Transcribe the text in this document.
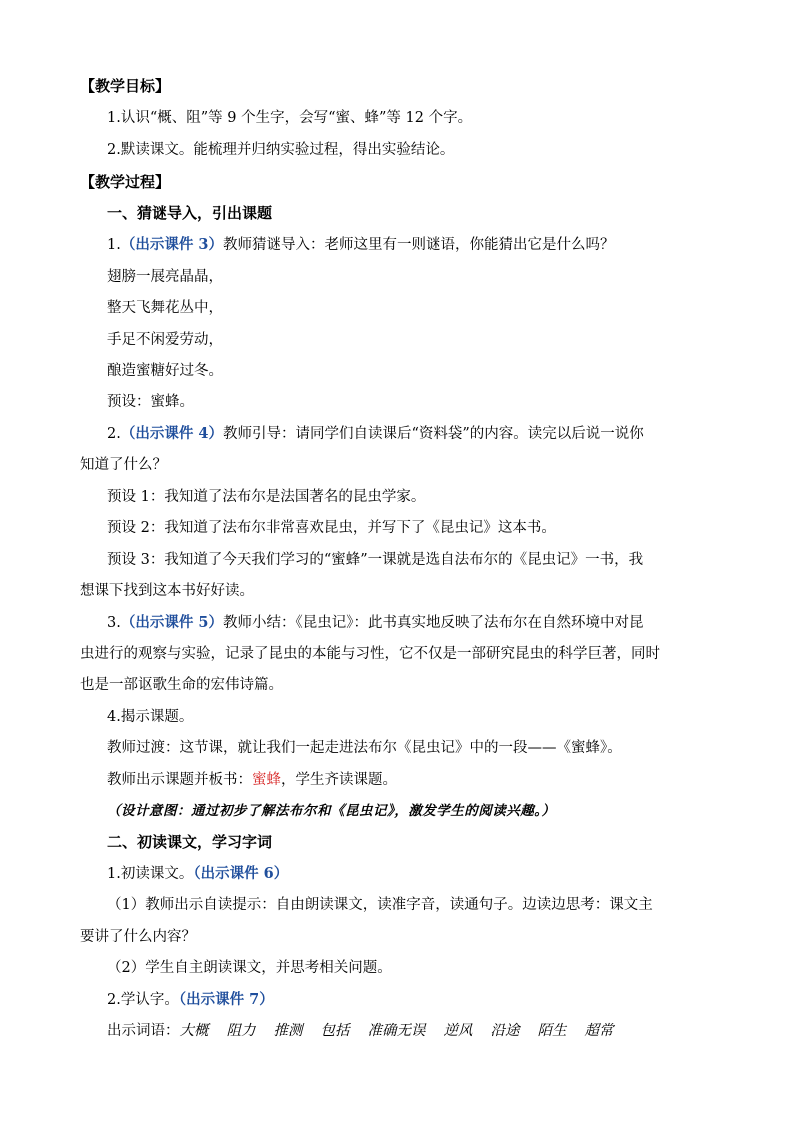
【教学目标】
1.认识“概、阻”等 9 个生字，会写“蜜、蜂”等 12 个字。
2.默读课文。能梳理并归纳实验过程，得出实验结论。
【教学过程】
一、猜谜导入，引出课题
1.（出示课件 3）教师猜谜导入：老师这里有一则谜语，你能猜出它是什么吗？
翅膀一展亮晶晶，
整天飞舞花丛中，
手足不闲爱劳动，
酿造蜜糖好过冬。
预设：蜜蜂。
2.（出示课件 4）教师引导：请同学们自读课后“资料袋”的内容。读完以后说一说你
知道了什么？
预设 1：我知道了法布尔是法国著名的昆虫学家。
预设 2：我知道了法布尔非常喜欢昆虫，并写下了《昆虫记》这本书。
预设 3：我知道了今天我们学习的“蜜蜂”一课就是选自法布尔的《昆虫记》一书，我
想课下找到这本书好好读。
3.（出示课件 5）教师小结：《昆虫记》：此书真实地反映了法布尔在自然环境中对昆
虫进行的观察与实验，记录了昆虫的本能与习性，它不仅是一部研究昆虫的科学巨著，同时
也是一部讴歌生命的宏伟诗篇。
4.揭示课题。
教师过渡：这节课，就让我们一起走进法布尔《昆虫记》中的一段——《蜜蜂》。
教师出示课题并板书：蜜蜂，学生齐读课题。
（设计意图：通过初步了解法布尔和《昆虫记》，激发学生的阅读兴趣。）
二、初读课文，学习字词
1.初读课文。（出示课件 6）
（1）教师出示自读提示：自由朗读课文，读准字音，读通句子。边读边思考：课文主
要讲了什么内容？
（2）学生自主朗读课文，并思考相关问题。
2.学认字。（出示课件 7）
出示词语：大概 阻力 推测 包括 准确无误 逆风 沿途 陌生 超常
